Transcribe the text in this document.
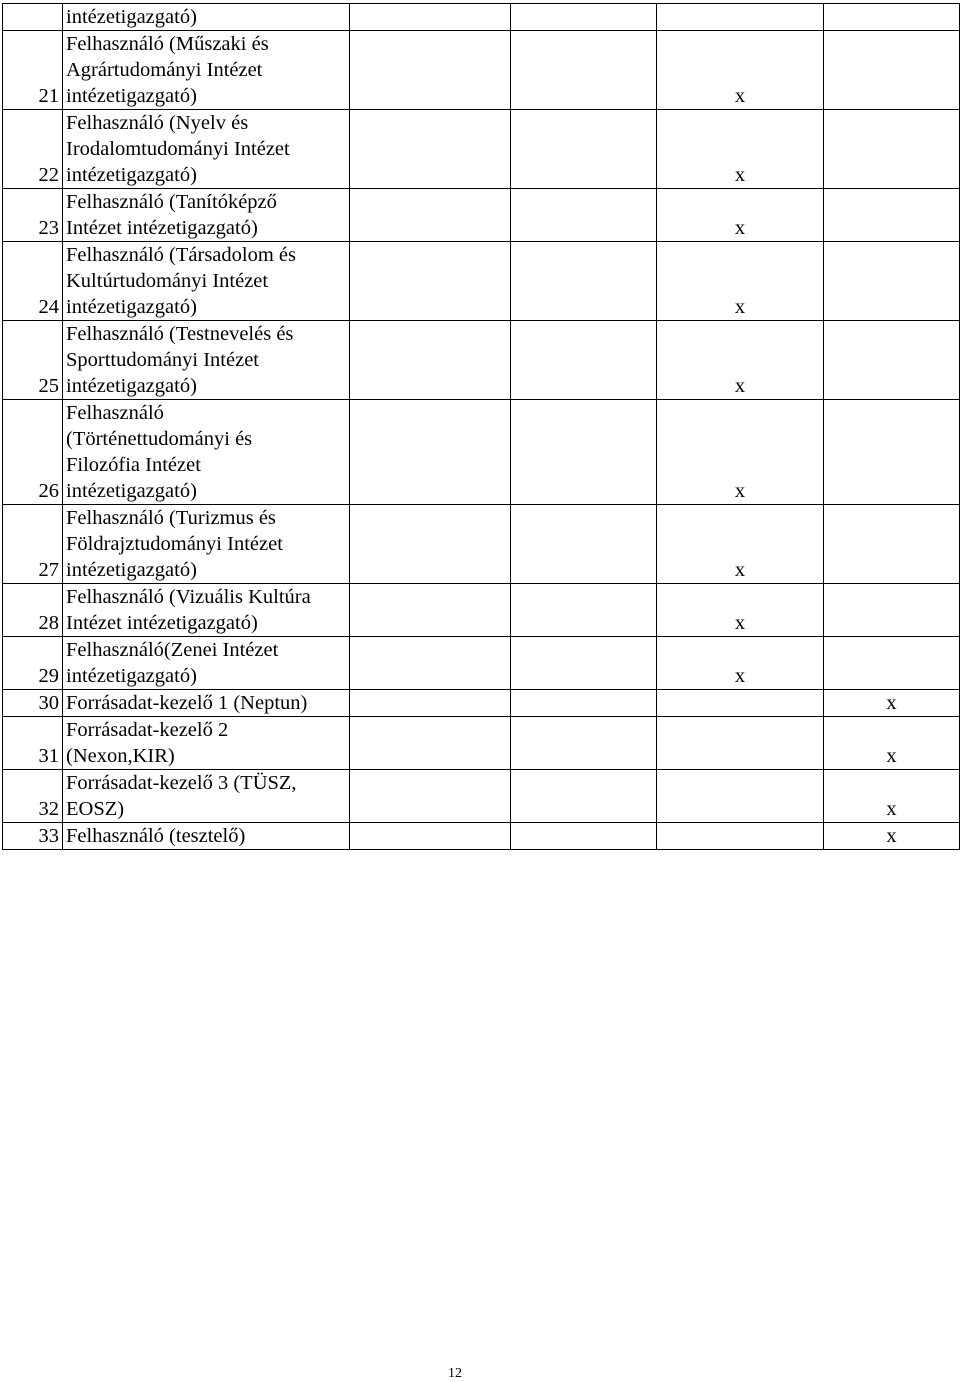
	intézetigazgató)				
21	Felhasználó (Műszaki és
Agrártudományi Intézet
intézetigazgató)			x	
22	Felhasználó (Nyelv és
Irodalomtudományi Intézet
intézetigazgató)			x	
23	Felhasználó (Tanítóképző
Intézet intézetigazgató)			x	
24	Felhasználó (Társadolom és
Kultúrtudományi Intézet
intézetigazgató)			x	
25	Felhasználó (Testnevelés és
Sporttudományi Intézet
intézetigazgató)			x	
26	Felhasználó
(Történettudományi és
Filozófia Intézet
intézetigazgató)			x	
27	Felhasználó (Turizmus és
Földrajztudományi Intézet
intézetigazgató)			x	
28	Felhasználó (Vizuális Kultúra
Intézet intézetigazgató)			x	
29	Felhasználó(Zenei Intézet
intézetigazgató)			x	
30	Forrásadat-kezelő 1 (Neptun)				x
31	Forrásadat-kezelő 2
(Nexon,KIR)				x
32	Forrásadat-kezelő 3 (TÜSZ,
EOSZ)				x
33	Felhasználó (tesztelő)				x
12
